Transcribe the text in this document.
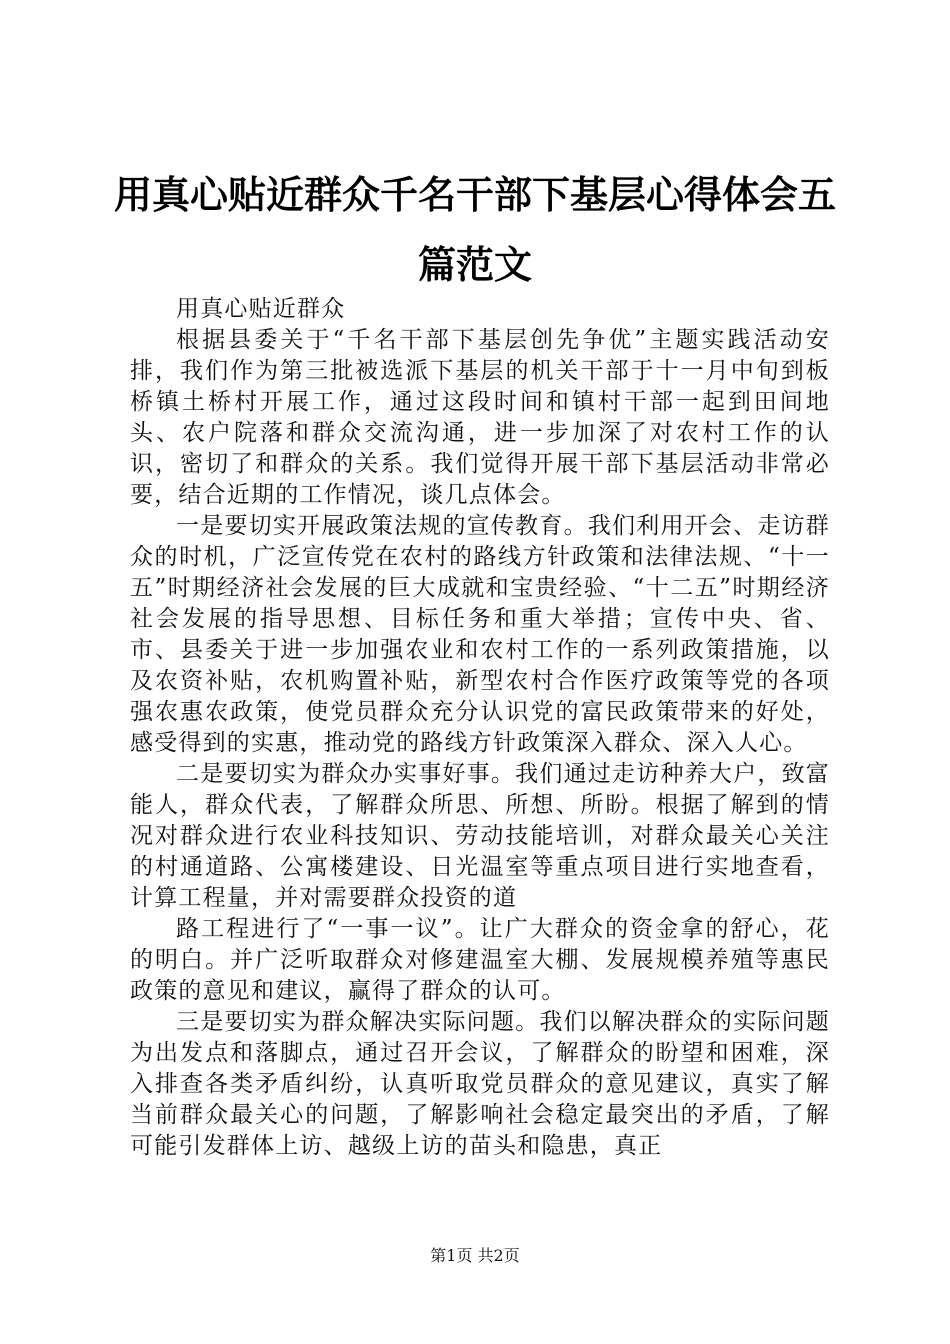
用真心贴近群众千名干部下基层心得体会五篇范文

用真心贴近群众

根据县委关于“千名干部下基层创先争优”主题实践活动安排，我们作为第三批被选派下基层的机关干部于十一月中旬到板桥镇土桥村开展工作，通过这段时间和镇村干部一起到田间地头、农户院落和群众交流沟通，进一步加深了对农村工作的认识，密切了和群众的关系。我们觉得开展干部下基层活动非常必要，结合近期的工作情况，谈几点体会。

一是要切实开展政策法规的宣传教育。我们利用开会、走访群众的时机，广泛宣传党在农村的路线方针政策和法律法规、“十一五”时期经济社会发展的巨大成就和宝贵经验、“十二五”时期经济社会发展的指导思想、目标任务和重大举措；宣传中央、省、市、县委关于进一步加强农业和农村工作的一系列政策措施，以及农资补贴，农机购置补贴，新型农村合作医疗政策等党的各项强农惠农政策，使党员群众充分认识党的富民政策带来的好处，感受得到的实惠，推动党的路线方针政策深入群众、深入人心。

二是要切实为群众办实事好事。我们通过走访种养大户，致富能人，群众代表，了解群众所思、所想、所盼。根据了解到的情况对群众进行农业科技知识、劳动技能培训，对群众最关心关注的村通道路、公寓楼建设、日光温室等重点项目进行实地查看，计算工程量，并对需要群众投资的道

路工程进行了“一事一议”。让广大群众的资金拿的舒心，花的明白。并广泛听取群众对修建温室大棚、发展规模养殖等惠民政策的意见和建议，赢得了群众的认可。

三是要切实为群众解决实际问题。我们以解决群众的实际问题为出发点和落脚点，通过召开会议，了解群众的盼望和困难，深入排查各类矛盾纠纷，认真听取党员群众的意见建议，真实了解当前群众最关心的问题，了解影响社会稳定最突出的矛盾，了解可能引发群体上访、越级上访的苗头和隐患，真正

第1页 共2页
